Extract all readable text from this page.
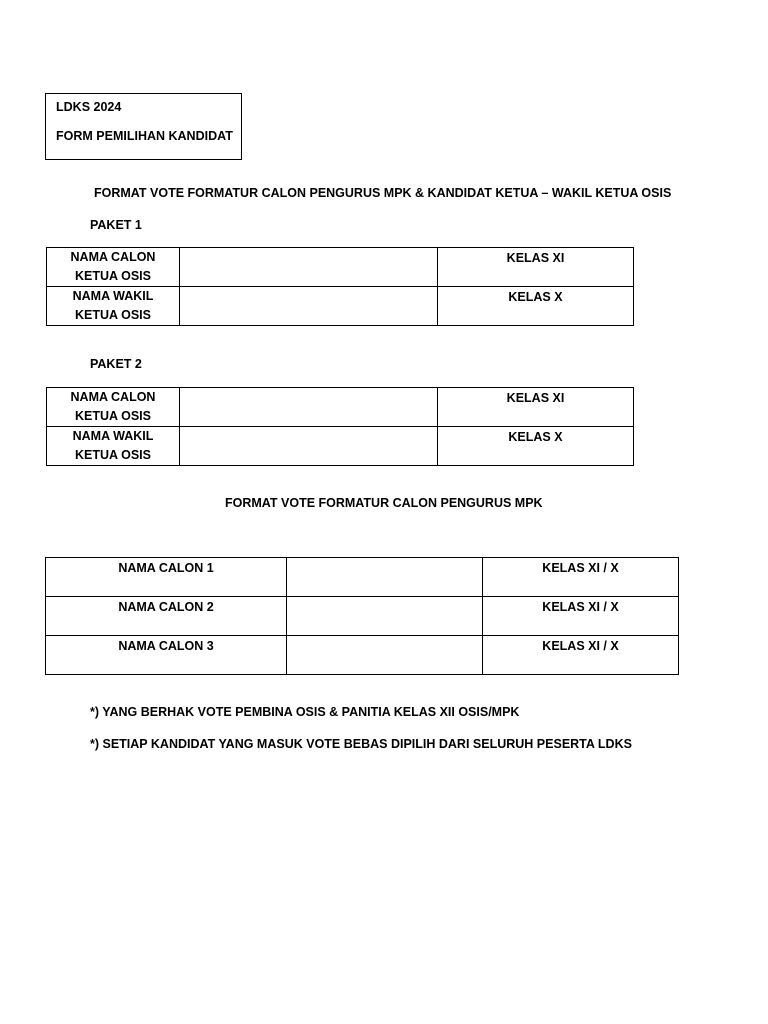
LDKS 2024
FORM PEMILIHAN KANDIDAT
FORMAT VOTE FORMATUR CALON PENGURUS MPK & KANDIDAT KETUA – WAKIL KETUA OSIS
PAKET 1
NAMA CALON
KETUA OSIS		KELAS XI
NAMA WAKIL
KETUA OSIS		KELAS X
PAKET 2
NAMA CALON
KETUA OSIS		KELAS XI
NAMA WAKIL
KETUA OSIS		KELAS X
FORMAT VOTE FORMATUR CALON PENGURUS MPK
NAMA CALON 1		KELAS XI / X
NAMA CALON 2		KELAS XI / X
NAMA CALON 3		KELAS XI / X
*) YANG BERHAK VOTE PEMBINA OSIS & PANITIA KELAS XII OSIS/MPK
*) SETIAP KANDIDAT YANG MASUK VOTE BEBAS DIPILIH DARI SELURUH PESERTA LDKS
